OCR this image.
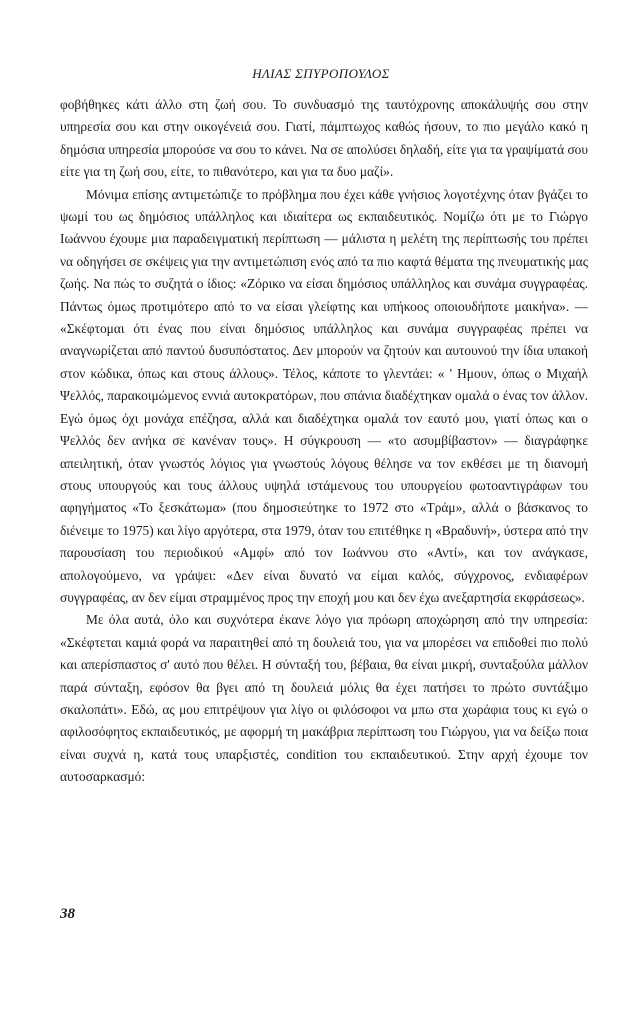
ΗΛΙΑΣ ΣΠΥΡΟΠΟΥΛΟΣ

φοβήθηκες κάτι άλλο στη ζωή σου. Το συνδυασμό της ταυτόχρονης αποκάλυψής σου στην υπηρεσία σου και στην οικογένειά σου. Γιατί, πάμπτωχος καθώς ήσουν, το πιο μεγάλο κακό η δημόσια υπηρεσία μπορούσε να σου το κάνει. Να σε απολύσει δηλαδή, είτε για τα γραψίματά σου είτε για τη ζωή σου, είτε, το πιθανότερο, και για τα δυο μαζί».

Μόνιμα επίσης αντιμετώπιζε το πρόβλημα που έχει κάθε γνήσιος λογοτέχνης όταν βγάζει το ψωμί του ως δημόσιος υπάλληλος και ιδιαίτερα ως εκπαιδευτικός. Νομίζω ότι με το Γιώργο Ιωάννου έχουμε μια παραδειγματική περίπτωση — μάλιστα η μελέτη της περίπτωσής του πρέπει να οδηγήσει σε σκέψεις για την αντιμετώπιση ενός από τα πιο καφτά θέματα της πνευματικής μας ζωής. Να πώς το συζητά ο ίδιος: «Ζόρικο να είσαι δημόσιος υπάλληλος και συνάμα συγγραφέας. Πάντως όμως προτιμότερο από το να είσαι γλείφτης και υπήκοος οποιουδήποτε μαικήνα». — «Σκέφτομαι ότι ένας που είναι δημόσιος υπάλληλος και συνάμα συγγραφέας πρέπει να αναγνωρίζεται από παντού δυσυπόστατος. Δεν μπορούν να ζητούν και αυτουνού την ίδια υπακοή στον κώδικα, όπως και στους άλλους». Τέλος, κάποτε το γλεντάει: « ' Ημουν, όπως ο Μιχαήλ Ψελλός, παρακοιμώμενος εννιά αυτοκρατόρων, που σπάνια διαδέχτηκαν ομαλά ο ένας τον άλλον. Εγώ όμως όχι μονάχα επέζησα, αλλά και διαδέχτηκα ομαλά τον εαυτό μου, γιατί όπως και ο Ψελλός δεν ανήκα σε κανέναν τους». Η σύγκρουση — «το ασυμβίβαστον» — διαγράφηκε απειλητική, όταν γνωστός λόγιος για γνωστούς λόγους θέλησε να τον εκθέσει με τη διανομή στους υπουργούς και τους άλλους υψηλά ιστάμενους του υπουργείου φωτοαντιγράφων του αφηγήματος «Το ξεσκάτωμα» (που δημοσιεύτηκε το 1972 στο «Τράμ», αλλά ο βάσκανος το διένειμε το 1975) και λίγο αργότερα, στα 1979, όταν του επιτέθηκε η «Βραδυνή», ύστερα από την παρουσίαση του περιοδικού «Αμφί» από τον Ιωάννου στο «Αντί», και τον ανάγκασε, απολογούμενο, να γράψει: «Δεν είναι δυνατό να είμαι καλός, σύγχρονος, ενδιαφέρων συγγραφέας, αν δεν είμαι στραμμένος προς την εποχή μου και δεν έχω ανεξαρτησία εκφράσεως».

Με όλα αυτά, όλο και συχνότερα έκανε λόγο για πρόωρη αποχώρηση από την υπηρεσία: «Σκέφτεται καμιά φορά να παραιτηθεί από τη δουλειά του, για να μπορέσει να επιδοθεί πιο πολύ και απερίσπαστος σ' αυτό που θέλει. Η σύνταξή του, βέβαια, θα είναι μικρή, συνταξούλα μάλλον παρά σύνταξη, εφόσον θα βγει από τη δουλειά μόλις θα έχει πατήσει το πρώτο συντάξιμο σκαλοπάτι». Εδώ, ας μου επιτρέψουν για λίγο οι φιλόσοφοι να μπω στα χωράφια τους κι εγώ ο αφιλοσόφητος εκπαιδευτικός, με αφορμή τη μακάβρια περίπτωση του Γιώργου, για να δείξω ποια είναι συχνά η, κατά τους υπαρξιστές, condition του εκπαιδευτικού. Στην αρχή έχουμε τον αυτοσαρκασμό:

38
